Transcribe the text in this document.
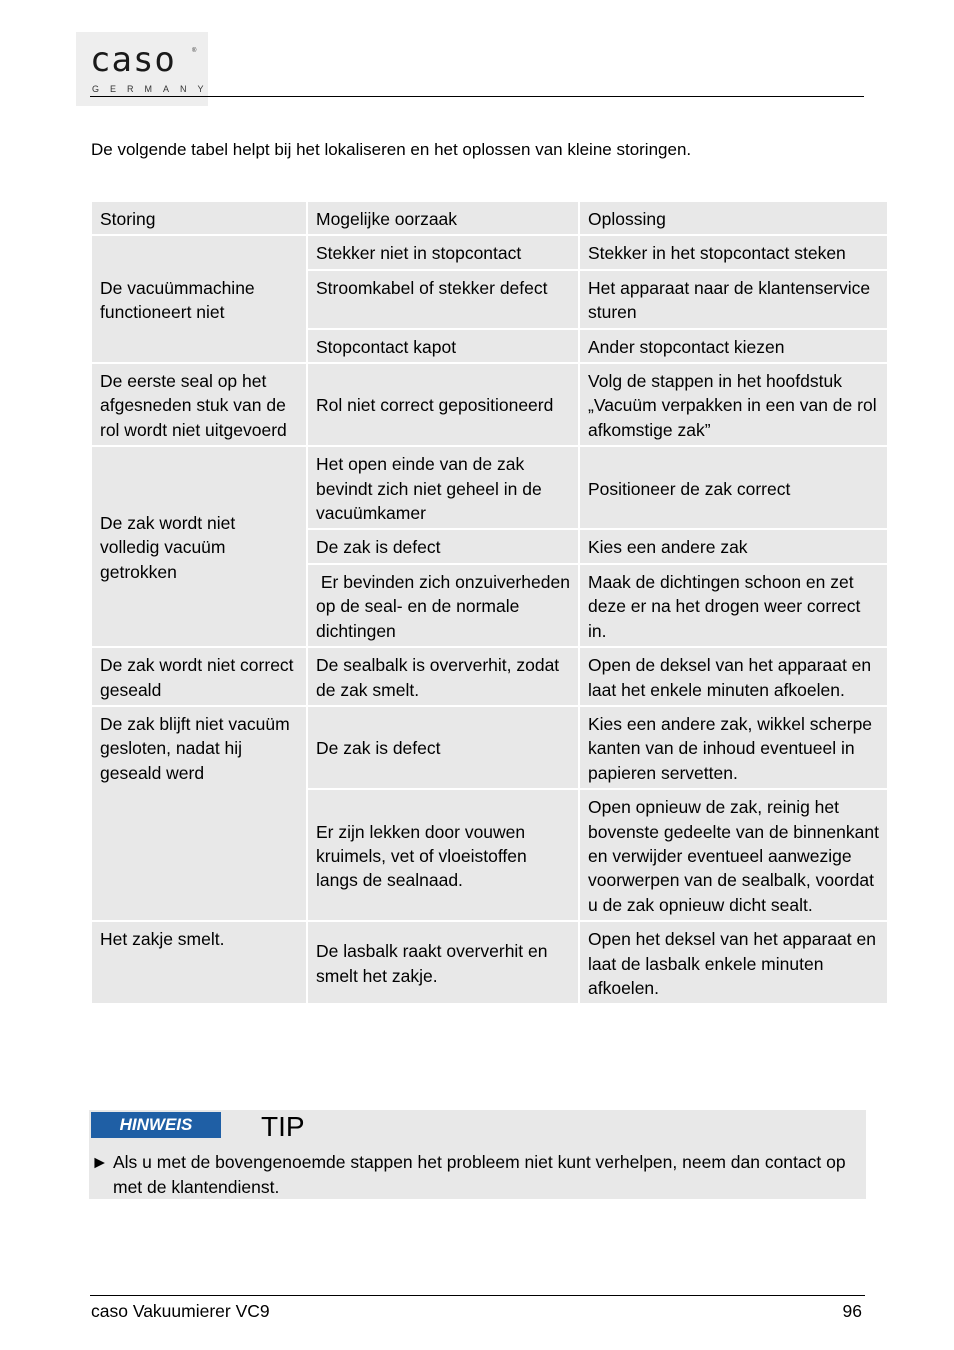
caso	®
GERMANY
De volgende tabel helpt bij het lokaliseren en het oplossen van kleine storingen.
Storing	Mogelijke oorzaak	Oplossing
De vacuümmachine functioneert niet	Stekker niet in stopcontact	Stekker in het stopcontact steken
	Stroomkabel of stekker defect	Het apparaat naar de klantenservice sturen
	Stopcontact kapot	Ander stopcontact kiezen
De eerste seal op het afgesneden stuk van de rol wordt niet uitgevoerd	Rol niet correct gepositioneerd	Volg de stappen in het hoofdstuk „Vacuüm verpakken in een van de rol afkomstige zak”
De zak wordt niet volledig vacuüm getrokken	Het open einde van de zak bevindt zich niet geheel in de vacuümkamer	Positioneer de zak correct
	De zak is defect	Kies een andere zak
	Er bevinden zich onzuiverheden op de seal- en de normale dichtingen	Maak de dichtingen schoon en zet deze er na het drogen weer correct in.
De zak wordt niet correct geseald	De sealbalk is oververhit, zodat de zak smelt.	Open de deksel van het apparaat en laat het enkele minuten afkoelen.
De zak blijft niet vacuüm gesloten, nadat hij geseald werd	De zak is defect	Kies een andere zak, wikkel scherpe kanten van de inhoud eventueel in papieren servetten.
	Er zijn lekken door vouwen kruimels, vet of vloeistoffen langs de sealnaad.	Open opnieuw de zak, reinig het bovenste gedeelte van de binnenkant en verwijder eventueel aanwezige voorwerpen van de sealbalk, voordat u de zak opnieuw dicht sealt.
Het zakje smelt.	De lasbalk raakt oververhit en smelt het zakje.	Open het deksel van het apparaat en laat de lasbalk enkele minuten afkoelen.
HINWEIS	TIP
► Als u met de bovengenoemde stappen het probleem niet kunt verhelpen, neem dan contact op met de klantendienst.
caso Vakuumierer VC9	96
